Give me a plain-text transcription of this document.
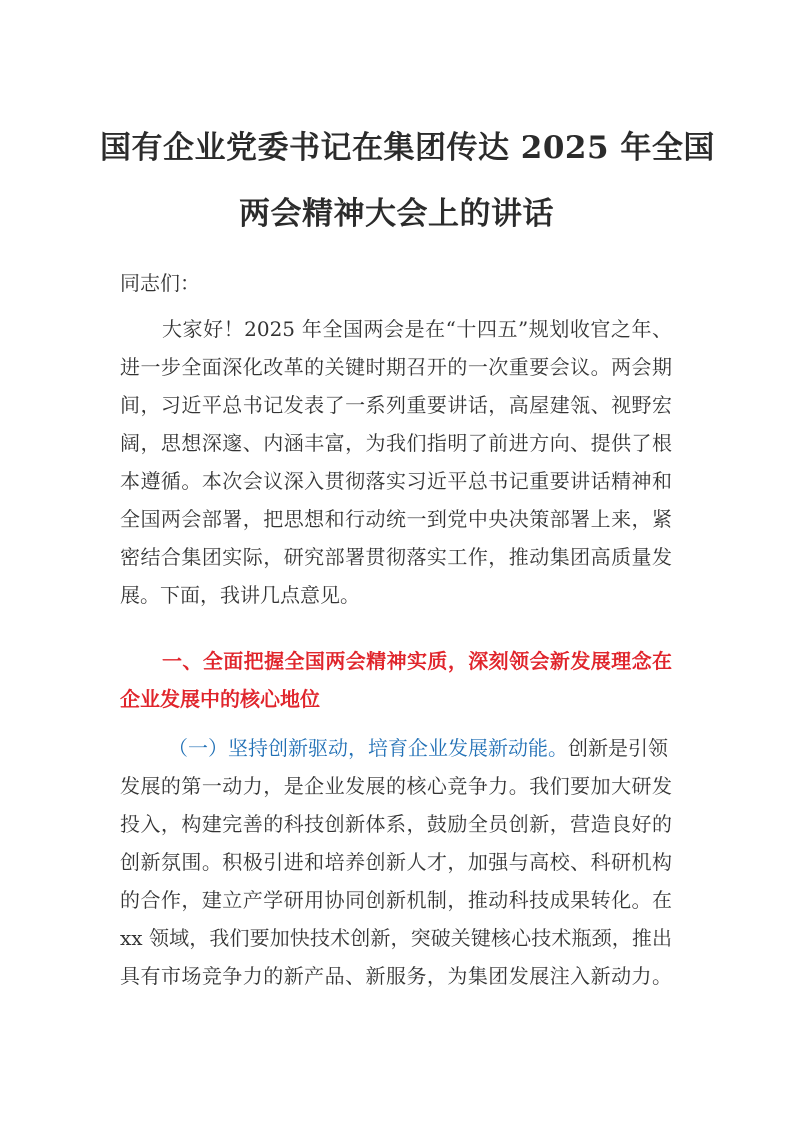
国有企业党委书记在集团传达 2025 年全国
两会精神大会上的讲话
同志们：
大家好！2025 年全国两会是在“十四五”规划收官之年、
进一步全面深化改革的关键时期召开的一次重要会议。两会期
间，习近平总书记发表了一系列重要讲话，高屋建瓴、视野宏
阔，思想深邃、内涵丰富，为我们指明了前进方向、提供了根
本遵循。本次会议深入贯彻落实习近平总书记重要讲话精神和
全国两会部署，把思想和行动统一到党中央决策部署上来，紧
密结合集团实际，研究部署贯彻落实工作，推动集团高质量发
展。下面，我讲几点意见。
一、全面把握全国两会精神实质，深刻领会新发展理念在
企业发展中的核心地位
（一）坚持创新驱动，培育企业发展新动能。创新是引领
发展的第一动力，是企业发展的核心竞争力。我们要加大研发
投入，构建完善的科技创新体系，鼓励全员创新，营造良好的
创新氛围。积极引进和培养创新人才，加强与高校、科研机构
的合作，建立产学研用协同创新机制，推动科技成果转化。在
xx 领域，我们要加快技术创新，突破关键核心技术瓶颈，推出
具有市场竞争力的新产品、新服务，为集团发展注入新动力。
